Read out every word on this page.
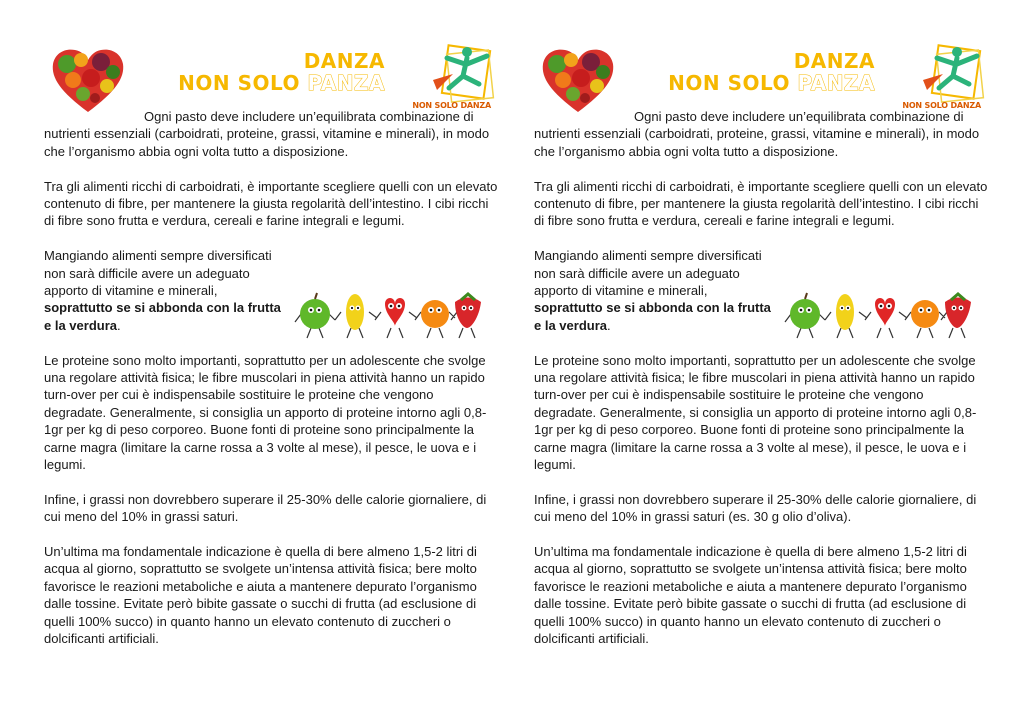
DANZA
NON SOLO PANZA
NON SOLO DANZA

Ogni pasto deve includere un’equilibrata combinazione di nutrienti essenziali (carboidrati, proteine, grassi, vitamine e minerali), in modo che l’organismo abbia ogni volta tutto a disposizione.

Tra gli alimenti ricchi di carboidrati, è importante scegliere quelli con un elevato contenuto di fibre, per mantenere la giusta regolarità dell’intestino. I cibi ricchi di fibre sono frutta e verdura, cereali e farine integrali e legumi.

Mangiando alimenti sempre diversificati non sarà difficile avere un adeguato apporto di vitamine e minerali, soprattutto se si abbonda con la frutta e la verdura.

Le proteine sono molto importanti, soprattutto per un adolescente che svolge una regolare attività fisica; le fibre muscolari in piena attività hanno un rapido turn-over per cui è indispensabile sostituire le proteine che vengono degradate. Generalmente, si consiglia un apporto di proteine intorno agli 0,8-1gr per kg di peso corporeo. Buone fonti di proteine sono principalmente la carne magra (limitare la carne rossa a 3 volte al mese), il pesce, le uova e i legumi.

Infine, i grassi non dovrebbero superare il 25-30% delle calorie giornaliere, di cui meno del 10% in grassi saturi.

Un’ultima ma fondamentale indicazione è quella di bere almeno 1,5-2 litri di acqua al giorno, soprattutto se svolgete un’intensa attività fisica; bere molto favorisce le reazioni metaboliche e aiuta a mantenere depurato l’organismo dalle tossine. Evitate però bibite gassate o succhi di frutta (ad esclusione di quelli 100% succo) in quanto hanno un elevato contenuto di zuccheri o dolcificanti artificiali.

DANZA
NON SOLO PANZA
NON SOLO DANZA

Ogni pasto deve includere un’equilibrata combinazione di nutrienti essenziali (carboidrati, proteine, grassi, vitamine e minerali), in modo che l’organismo abbia ogni volta tutto a disposizione.

Tra gli alimenti ricchi di carboidrati, è importante scegliere quelli con un elevato contenuto di fibre, per mantenere la giusta regolarità dell’intestino. I cibi ricchi di fibre sono frutta e verdura, cereali e farine integrali e legumi.

Mangiando alimenti sempre diversificati non sarà difficile avere un adeguato apporto di vitamine e minerali, soprattutto se si abbonda con la frutta e la verdura.

Le proteine sono molto importanti, soprattutto per un adolescente che svolge una regolare attività fisica; le fibre muscolari in piena attività hanno un rapido turn-over per cui è indispensabile sostituire le proteine che vengono degradate. Generalmente, si consiglia un apporto di proteine intorno agli 0,8-1gr per kg di peso corporeo. Buone fonti di proteine sono principalmente la carne magra (limitare la carne rossa a 3 volte al mese), il pesce, le uova e i legumi.

Infine, i grassi non dovrebbero superare il 25-30% delle calorie giornaliere, di cui meno del 10% in grassi saturi (es. 30 g olio d’oliva).

Un’ultima ma fondamentale indicazione è quella di bere almeno 1,5-2 litri di acqua al giorno, soprattutto se svolgete un’intensa attività fisica; bere molto favorisce le reazioni metaboliche e aiuta a mantenere depurato l’organismo dalle tossine. Evitate però bibite gassate o succhi di frutta (ad esclusione di quelli 100% succo) in quanto hanno un elevato contenuto di zuccheri o dolcificanti artificiali.
